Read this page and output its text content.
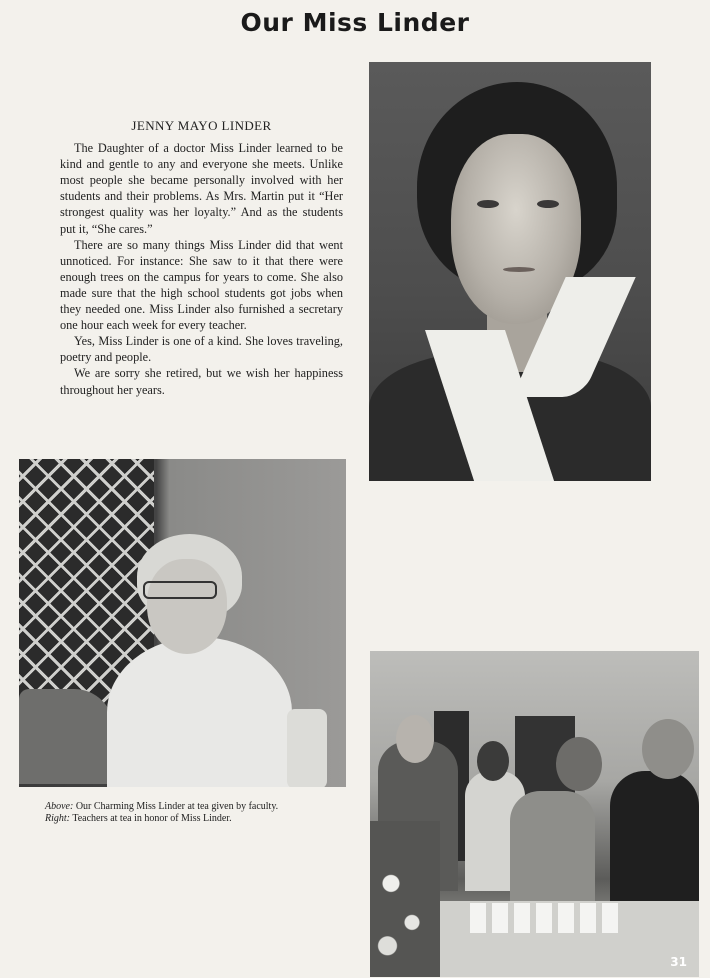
Our Miss Linder
JENNY MAYO LINDER

The Daughter of a doctor Miss Linder learned to be kind and gentle to any and everyone she meets. Unlike most people she became personally involved with her students and their problems. As Mrs. Martin put it “Her strongest quality was her loyalty.” And as the students put it, “She cares.”

There are so many things Miss Linder did that went unnoticed. For instance: She saw to it that there were enough trees on the campus for years to come. She also made sure that the high school students got jobs when they needed one. Miss Linder also furnished a secretary one hour each week for every teacher.

Yes, Miss Linder is one of a kind. She loves traveling, poetry and people.

We are sorry she retired, but we wish her happiness throughout her years.

Above: Our Charming Miss Linder at tea given by faculty.
Right: Teachers at tea in honor of Miss Linder.
31
